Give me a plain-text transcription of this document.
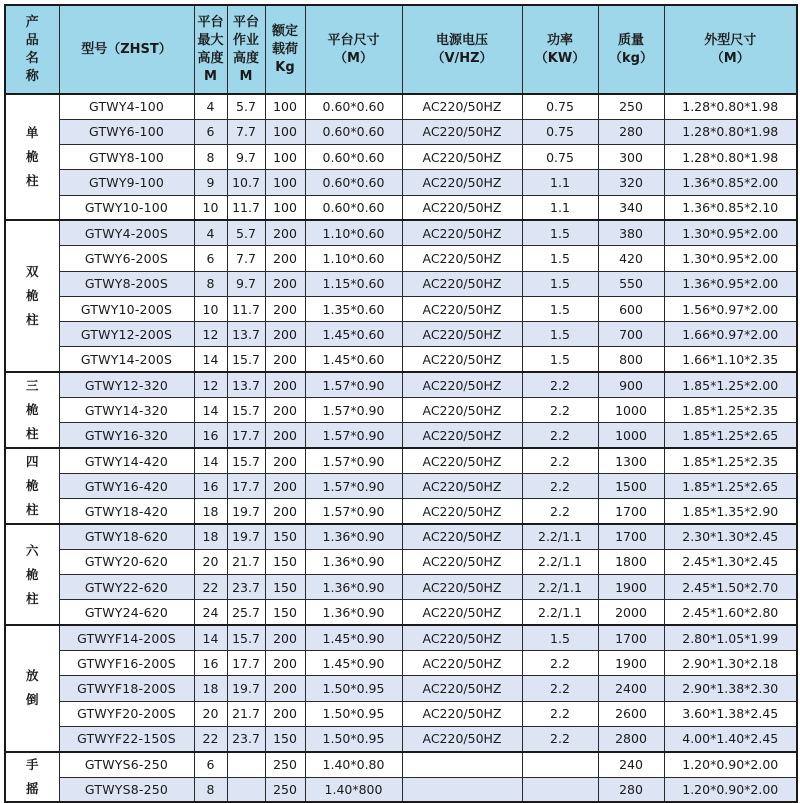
产
品
名
称	型号（ZHST）	平台
最大
高度
M	平台
作业
高度
M	额定
载荷
Kg	平台尺寸
（M）	电源电压
（V/HZ）	功率
（KW）	质量
（kg）	外型尺寸
（M）

单
桅
柱	GTWY4-100	4	5.7	100	0.60*0.60	AC220/50HZ	0.75	250	1.28*0.80*1.98
	GTWY6-100	6	7.7	100	0.60*0.60	AC220/50HZ	0.75	280	1.28*0.80*1.98
	GTWY8-100	8	9.7	100	0.60*0.60	AC220/50HZ	0.75	300	1.28*0.80*1.98
	GTWY9-100	9	10.7	100	0.60*0.60	AC220/50HZ	1.1	320	1.36*0.85*2.00
	GTWY10-100	10	11.7	100	0.60*0.60	AC220/50HZ	1.1	340	1.36*0.85*2.10

双
桅
柱	GTWY4-200S	4	5.7	200	1.10*0.60	AC220/50HZ	1.5	380	1.30*0.95*2.00
	GTWY6-200S	6	7.7	200	1.10*0.60	AC220/50HZ	1.5	420	1.30*0.95*2.00
	GTWY8-200S	8	9.7	200	1.15*0.60	AC220/50HZ	1.5	550	1.36*0.95*2.00
	GTWY10-200S	10	11.7	200	1.35*0.60	AC220/50HZ	1.5	600	1.56*0.97*2.00
	GTWY12-200S	12	13.7	200	1.45*0.60	AC220/50HZ	1.5	700	1.66*0.97*2.00
	GTWY14-200S	14	15.7	200	1.45*0.60	AC220/50HZ	1.5	800	1.66*1.10*2.35

三
桅
柱	GTWY12-320	12	13.7	200	1.57*0.90	AC220/50HZ	2.2	900	1.85*1.25*2.00
	GTWY14-320	14	15.7	200	1.57*0.90	AC220/50HZ	2.2	1000	1.85*1.25*2.35
	GTWY16-320	16	17.7	200	1.57*0.90	AC220/50HZ	2.2	1000	1.85*1.25*2.65

四
桅
柱	GTWY14-420	14	15.7	200	1.57*0.90	AC220/50HZ	2.2	1300	1.85*1.25*2.35
	GTWY16-420	16	17.7	200	1.57*0.90	AC220/50HZ	2.2	1500	1.85*1.25*2.65
	GTWY18-420	18	19.7	200	1.57*0.90	AC220/50HZ	2.2	1700	1.85*1.35*2.90

六
桅
柱	GTWY18-620	18	19.7	150	1.36*0.90	AC220/50HZ	2.2/1.1	1700	2.30*1.30*2.45
	GTWY20-620	20	21.7	150	1.36*0.90	AC220/50HZ	2.2/1.1	1800	2.45*1.30*2.45
	GTWY22-620	22	23.7	150	1.36*0.90	AC220/50HZ	2.2/1.1	1900	2.45*1.50*2.70
	GTWY24-620	24	25.7	150	1.36*0.90	AC220/50HZ	2.2/1.1	2000	2.45*1.60*2.80

放
倒	GTWYF14-200S	14	15.7	200	1.45*0.90	AC220/50HZ	1.5	1700	2.80*1.05*1.99
	GTWYF16-200S	16	17.7	200	1.45*0.90	AC220/50HZ	2.2	1900	2.90*1.30*2.18
	GTWYF18-200S	18	19.7	200	1.50*0.95	AC220/50HZ	2.2	2400	2.90*1.38*2.30
	GTWYF20-200S	20	21.7	200	1.50*0.95	AC220/50HZ	2.2	2600	3.60*1.38*2.45
	GTWYF22-150S	22	23.7	150	1.50*0.95	AC220/50HZ	2.2	2800	4.00*1.40*2.45

手
摇	GTWYS6-250	6		250	1.40*0.80			240	1.20*0.90*2.00
	GTWYS8-250	8		250	1.40*800			280	1.20*0.90*2.00
